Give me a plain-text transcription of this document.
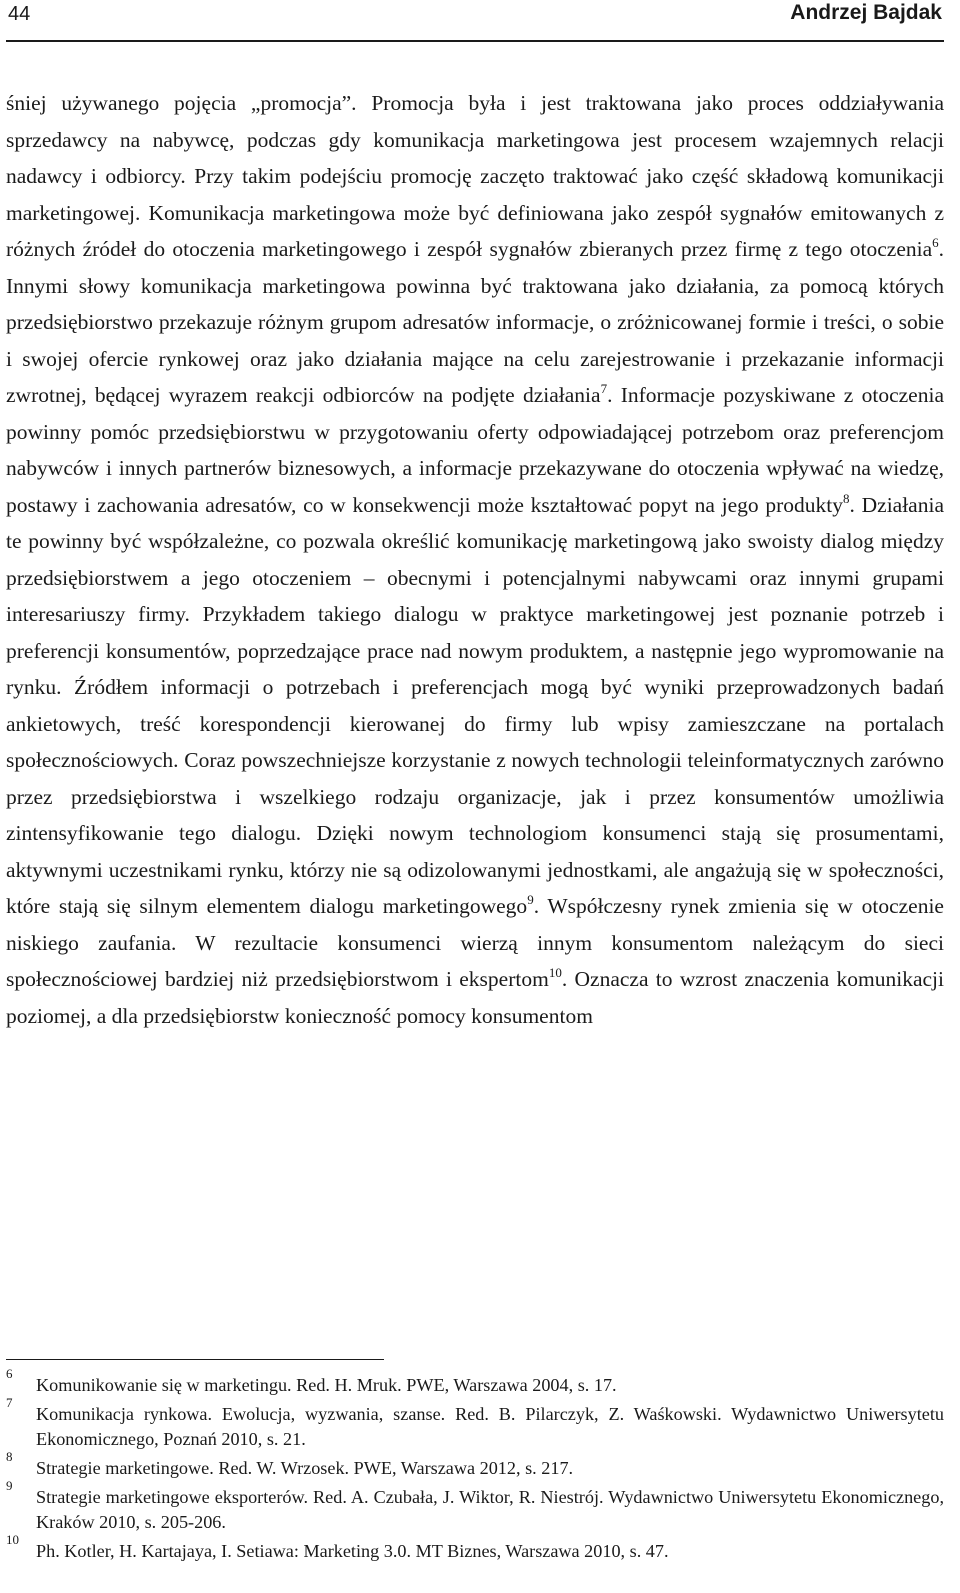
44	Andrzej Bajdak

śniej używanego pojęcia „promocja”. Promocja była i jest traktowana jako proces oddziaływania sprzedawcy na nabywcę, podczas gdy komunikacja marketingowa jest procesem wzajemnych relacji nadawcy i odbiorcy. Przy takim podejściu promocję zaczęto traktować jako część składową komunikacji marketingowej. Komunikacja marketingowa może być definiowana jako zespół sygnałów emitowanych z różnych źródeł do otoczenia marketingowego i zespół sygnałów zbieranych przez firmę z tego otoczenia$^6$. Innymi słowy komunikacja marketingowa powinna być traktowana jako działania, za pomocą których przedsiębiorstwo przekazuje różnym grupom adresatów informacje, o zróżnicowanej formie i treści, o sobie i swojej ofercie rynkowej oraz jako działania mające na celu zarejestrowanie i przekazanie informacji zwrotnej, będącej wyrazem reakcji odbiorców na podjęte działania$^7$. Informacje pozyskiwane z otoczenia powinny pomóc przedsiębiorstwu w przygotowaniu oferty odpowiadającej potrzebom oraz preferencjom nabywców i innych partnerów biznesowych, a informacje przekazywane do otoczenia wpływać na wiedzę, postawy i zachowania adresatów, co w konsekwencji może kształtować popyt na jego produkty$^8$. Działania te powinny być współzależne, co pozwala określić komunikację marketingową jako swoisty dialog między przedsiębiorstwem a jego otoczeniem – obecnymi i potencjalnymi nabywcami oraz innymi grupami interesariuszy firmy. Przykładem takiego dialogu w praktyce marketingowej jest poznanie potrzeb i preferencji konsumentów, poprzedzające prace nad nowym produktem, a następnie jego wypromowanie na rynku. Źródłem informacji o potrzebach i preferencjach mogą być wyniki przeprowadzonych badań ankietowych, treść korespondencji kierowanej do firmy lub wpisy zamieszczane na portalach społecznościowych. Coraz powszechniejsze korzystanie z nowych technologii teleinformatycznych zarówno przez przedsiębiorstwa i wszelkiego rodzaju organizacje, jak i przez konsumentów umożliwia zintensyfikowanie tego dialogu. Dzięki nowym technologiom konsumenci stają się prosumentami, aktywnymi uczestnikami rynku, którzy nie są odizolowanymi jednostkami, ale angażują się w społeczności, które stają się silnym elementem dialogu marketingowego$^9$. Współczesny rynek zmienia się w otoczenie niskiego zaufania. W rezultacie konsumenci wierzą innym konsumentom należącym do sieci społecznościowej bardziej niż przedsiębiorstwom i ekspertom$^{10}$. Oznacza to wzrost znaczenia komunikacji poziomej, a dla przedsiębiorstw konieczność pomocy konsumentom

6
Komunikowanie się w marketingu. Red. H. Mruk. PWE, Warszawa 2004, s. 17.
7
Komunikacja rynkowa. Ewolucja, wyzwania, szanse. Red. B. Pilarczyk, Z. Waśkowski. Wydawnictwo Uniwersytetu Ekonomicznego, Poznań 2010, s. 21.
8
Strategie marketingowe. Red. W. Wrzosek. PWE, Warszawa 2012, s. 217.
9
Strategie marketingowe eksporterów. Red. A. Czubała, J. Wiktor, R. Niestrój. Wydawnictwo Uniwersytetu Ekonomicznego, Kraków 2010, s. 205-206.
10
Ph. Kotler, H. Kartajaya, I. Setiawa: Marketing 3.0. MT Biznes, Warszawa 2010, s. 47.
